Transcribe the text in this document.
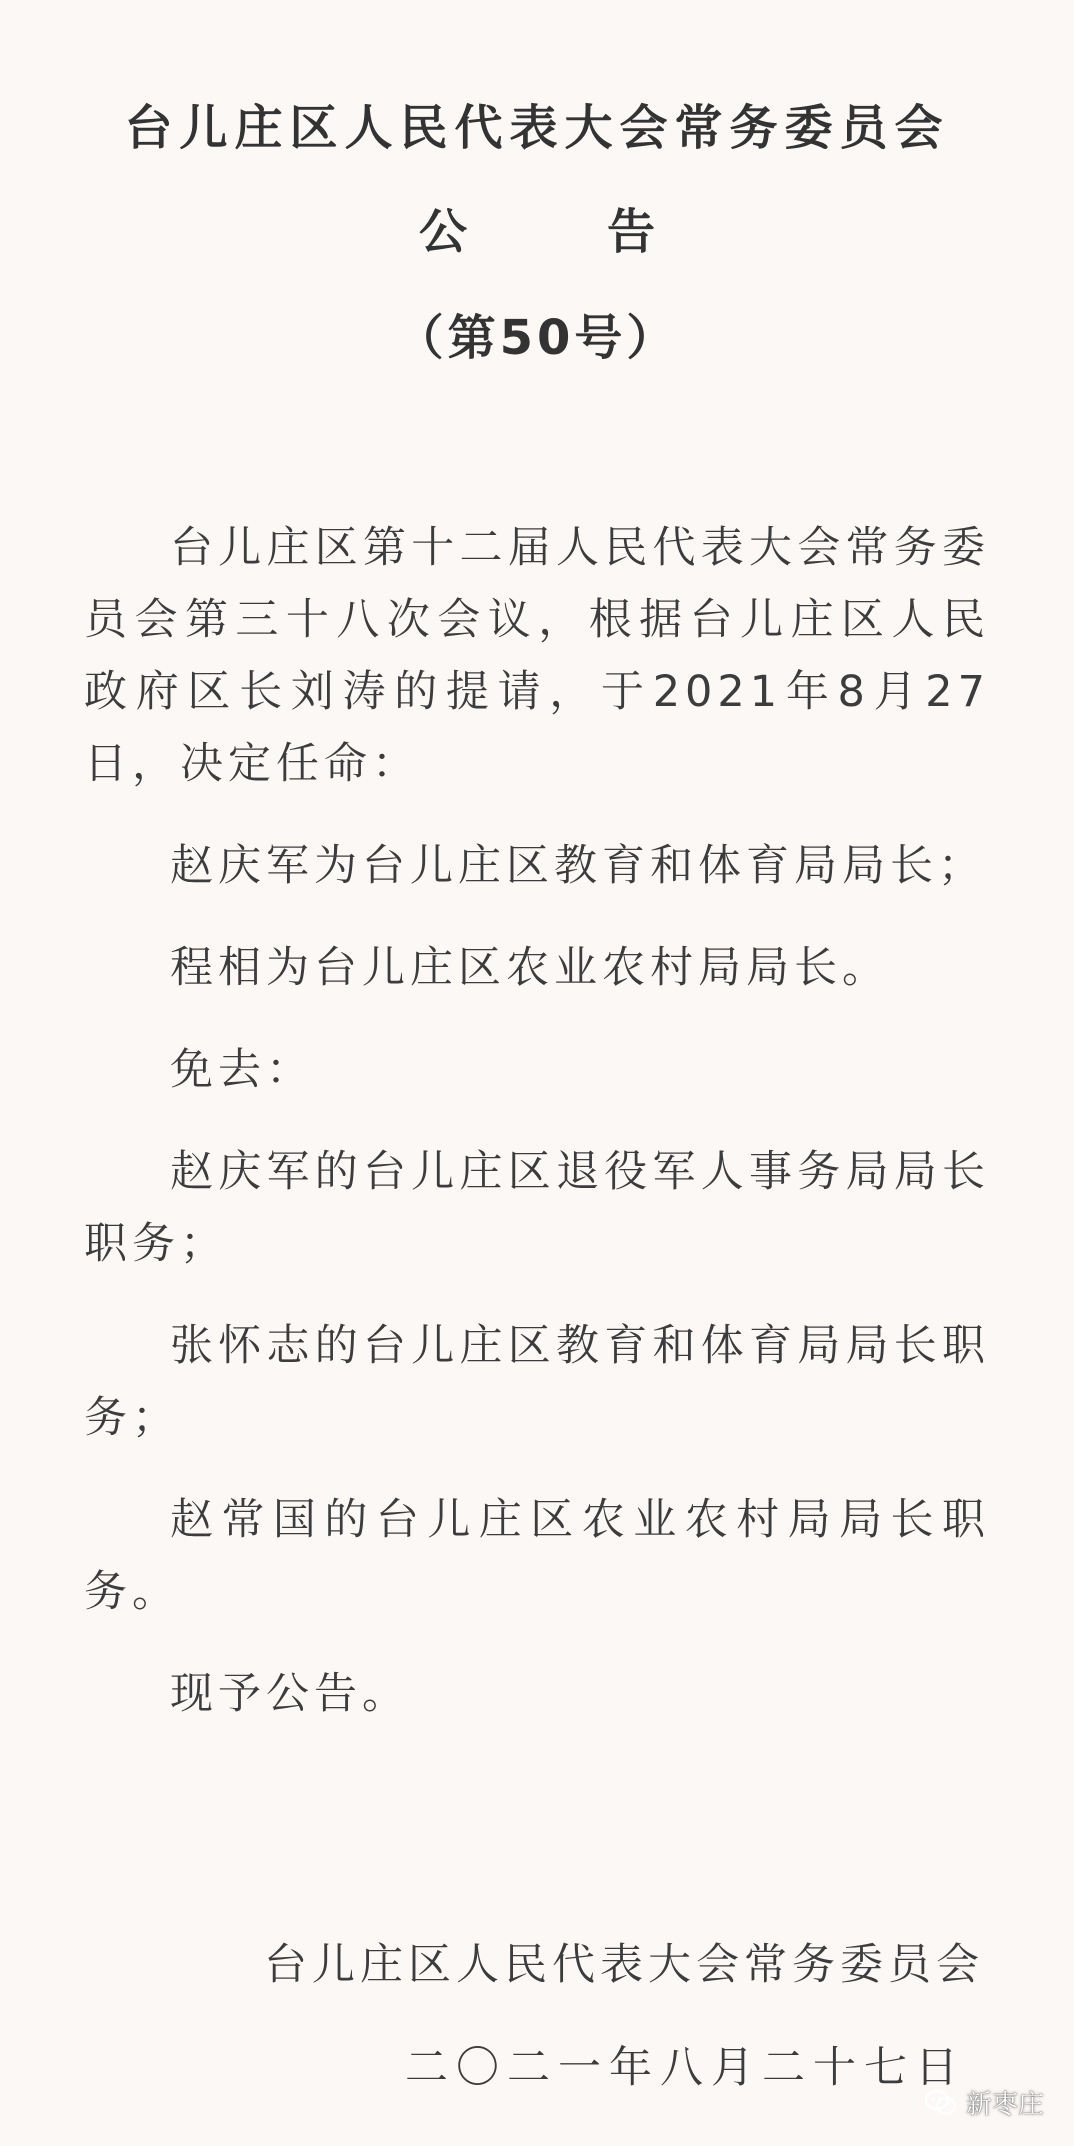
台儿庄区人民代表大会常务委员会
公	告
（第50号）

台儿庄区第十二届人民代表大会常务委员会第三十八次会议，根据台儿庄区人民政府区长刘涛的提请，于2021年8月27日，决定任命：

赵庆军为台儿庄区教育和体育局局长；

程相为台儿庄区农业农村局局长。

免去：

赵庆军的台儿庄区退役军人事务局局长职务；

张怀志的台儿庄区教育和体育局局长职务；

赵常国的台儿庄区农业农村局局长职务。

现予公告。

台儿庄区人民代表大会常务委员会
二〇二一年八月二十七日
新枣庄
